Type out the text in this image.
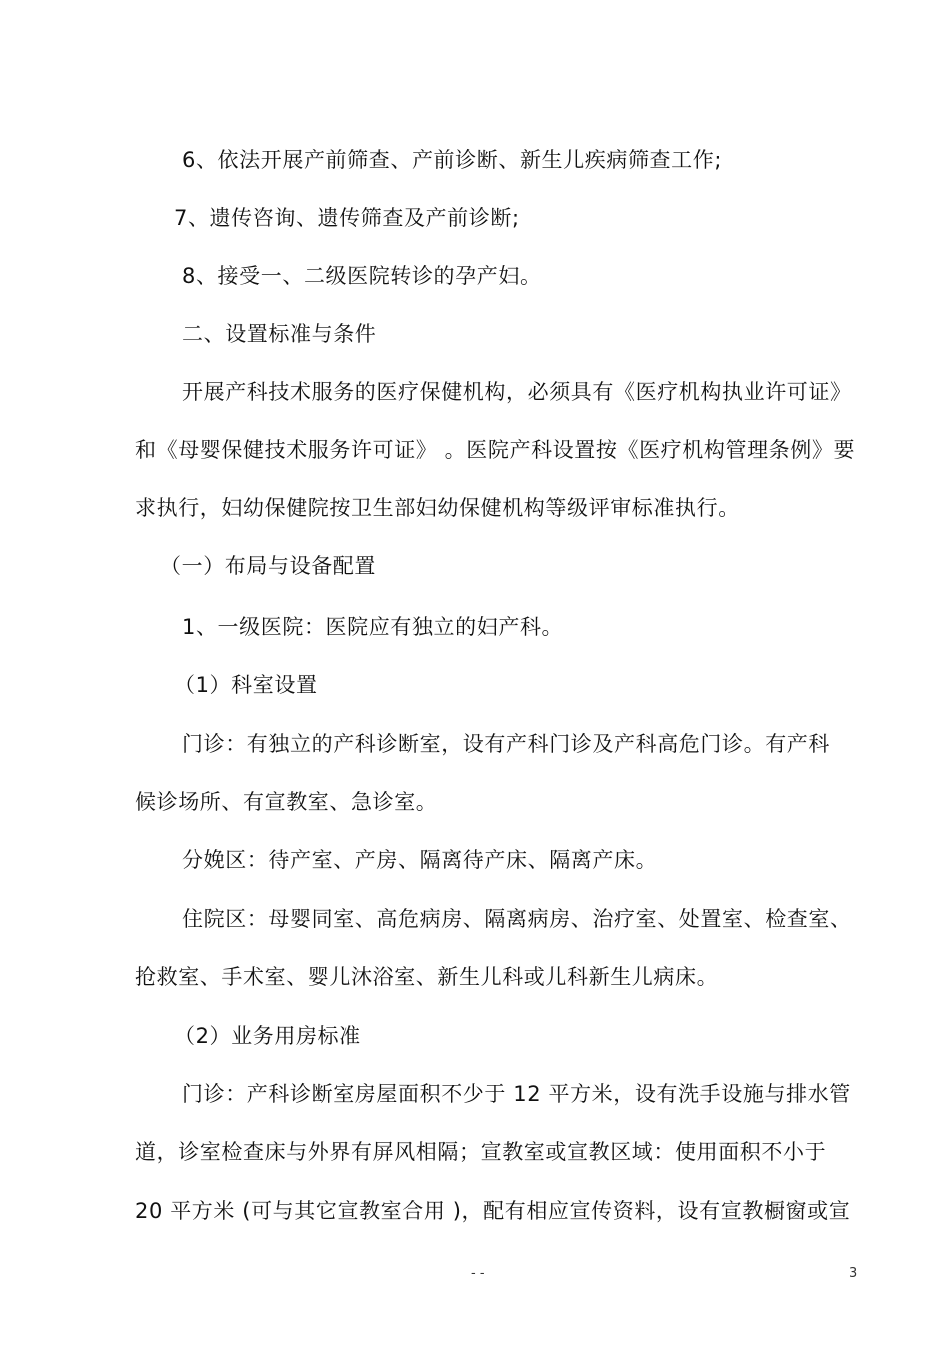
6、依法开展产前筛查、产前诊断、新生儿疾病筛查工作;
7、遗传咨询、遗传筛查及产前诊断;
8、接受一、二级医院转诊的孕产妇。
二、设置标准与条件
开展产科技术服务的医疗保健机构，必须具有《医疗机构执业许可证》
和《母婴保健技术服务许可证》 。医院产科设置按《医疗机构管理条例》要
求执行，妇幼保健院按卫生部妇幼保健机构等级评审标准执行。
（一）布局与设备配置
1、一级医院：医院应有独立的妇产科。
（1）科室设置
门诊：有独立的产科诊断室，设有产科门诊及产科高危门诊。有产科
候诊场所、有宣教室、急诊室。
分娩区：待产室、产房、隔离待产床、隔离产床。
住院区：母婴同室、高危病房、隔离病房、治疗室、处置室、检查室、
抢救室、手术室、婴儿沐浴室、新生儿科或儿科新生儿病床。
（2）业务用房标准
门诊：产科诊断室房屋面积不少于 12 平方米，设有洗手设施与排水管
道，诊室检查床与外界有屏风相隔；宣教室或宣教区域：使用面积不小于
20 平方米 (可与其它宣教室合用 )，配有相应宣传资料，设有宣教橱窗或宣
- -	3
